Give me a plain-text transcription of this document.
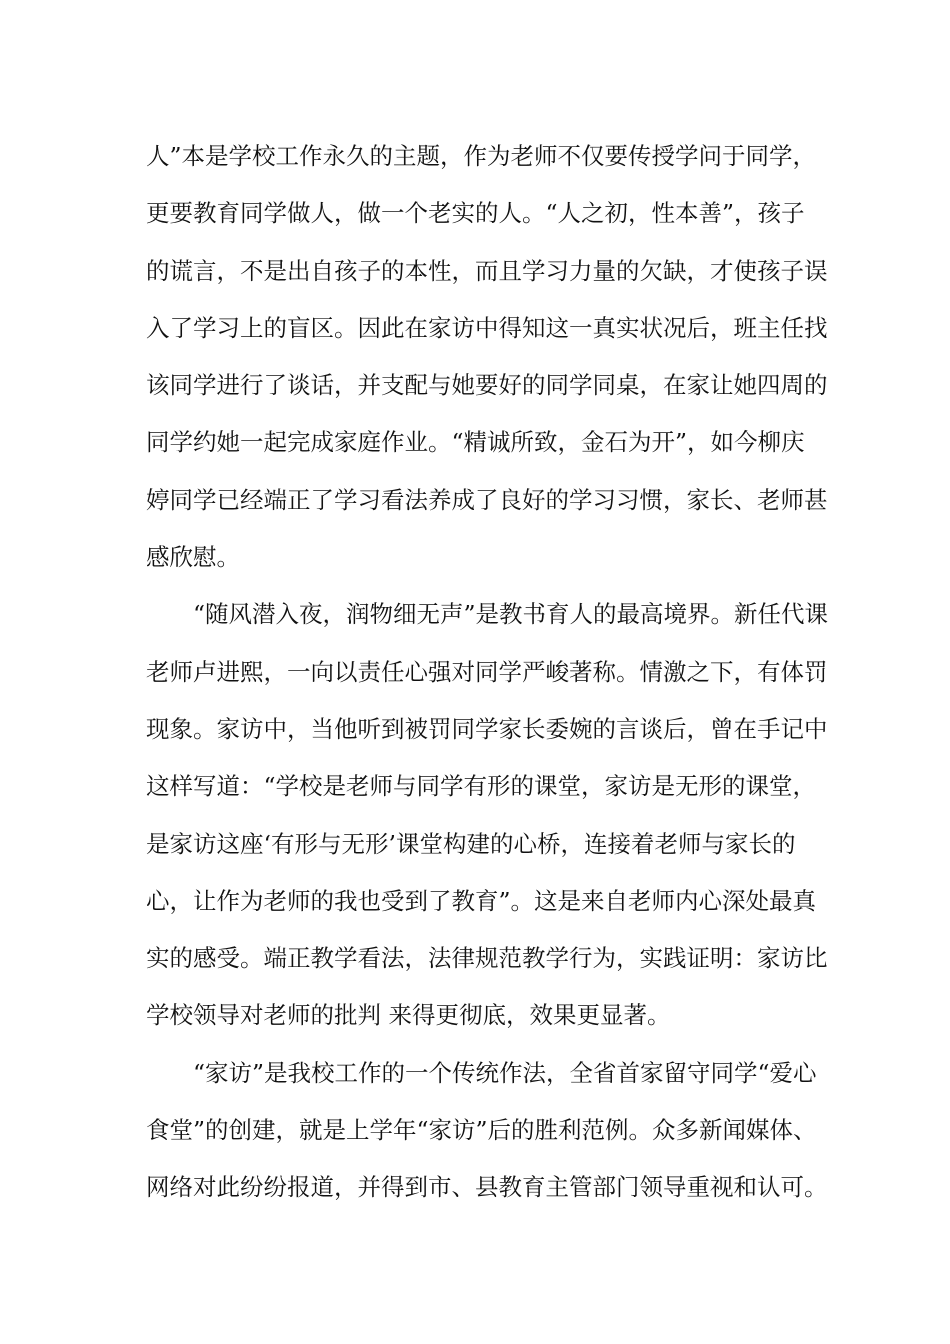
人”本是学校工作永久的主题，作为老师不仅要传授学问于同学，
更要教育同学做人，做一个老实的人。“人之初，性本善”，孩子
的谎言，不是出自孩子的本性，而且学习力量的欠缺，才使孩子误
入了学习上的盲区。因此在家访中得知这一真实状况后，班主任找
该同学进行了谈话，并支配与她要好的同学同桌，在家让她四周的
同学约她一起完成家庭作业。“精诚所致，金石为开”，如今柳庆
婷同学已经端正了学习看法养成了良好的学习习惯，家长、老师甚
感欣慰。
“随风潜入夜，润物细无声”是教书育人的最高境界。新任代课
老师卢进熙，一向以责任心强对同学严峻著称。情激之下，有体罚
现象。家访中，当他听到被罚同学家长委婉的言谈后，曾在手记中
这样写道：“学校是老师与同学有形的课堂，家访是无形的课堂，
是家访这座‘有形与无形’课堂构建的心桥，连接着老师与家长的
心，让作为老师的我也受到了教育”。这是来自老师内心深处最真
实的感受。端正教学看法，法律规范教学行为，实践证明：家访比
学校领导对老师的批判 来得更彻底，效果更显著。
“家访”是我校工作的一个传统作法，全省首家留守同学“爱心
食堂”的创建，就是上学年“家访”后的胜利范例。众多新闻媒体、
网络对此纷纷报道，并得到市、县教育主管部门领导重视和认可。
